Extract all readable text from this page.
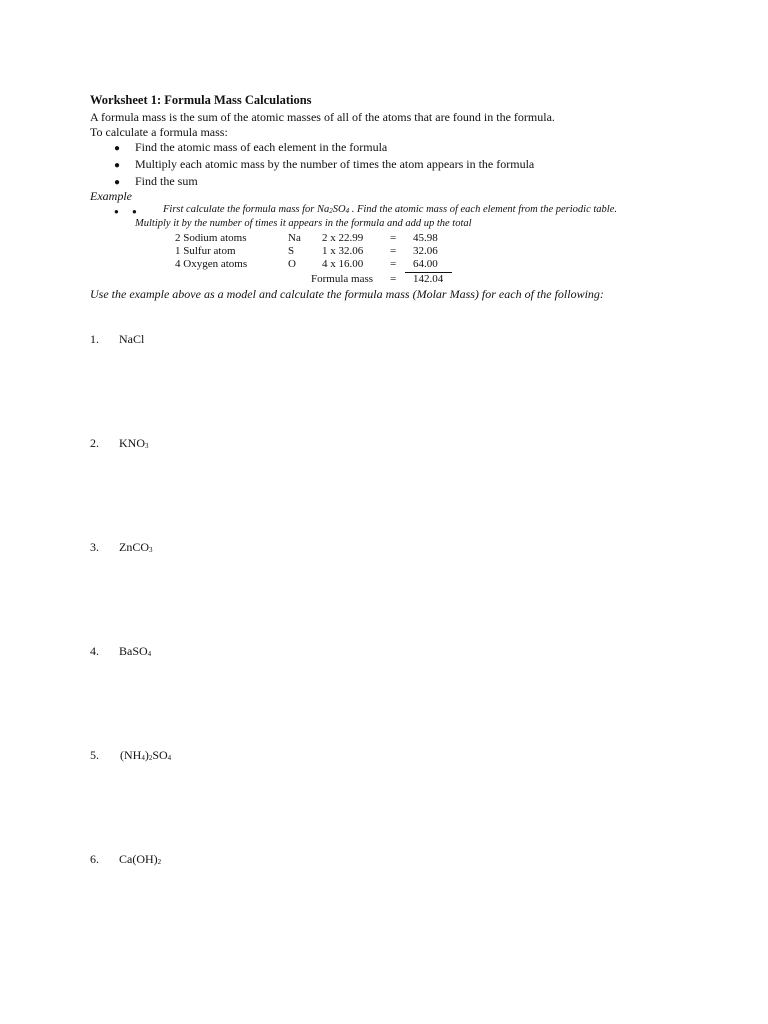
Worksheet 1: Formula Mass Calculations
A formula mass is the sum of the atomic masses of all of the atoms that are found in the formula.
To calculate a formula mass:
● Find the atomic mass of each element in the formula
● Multiply each atomic mass by the number of times the atom appears in the formula
● Find the sum
Example
● ● First calculate the formula mass for $Na_2SO_4$ . Find the atomic mass of each element from the periodic table.
Multiply it by the number of times it appears in the formula and add up the total
2 Sodium atoms	Na 2 x 22.99 = 45.98
1 Sulfur atom	S	1 x 32.06 = 32.06
4 Oxygen atoms	O 4 x 16.00 = 64.00
Formula mass = 142.04
Use the example above as a model and calculate the formula mass (Molar Mass) for each of the following:
1. NaCl
2. $KNO_3$
3. ZnCO$_3$
4. BaSO$_4$
5. $(NH_4)_2SO_4$
6. $Ca(OH)_2$
